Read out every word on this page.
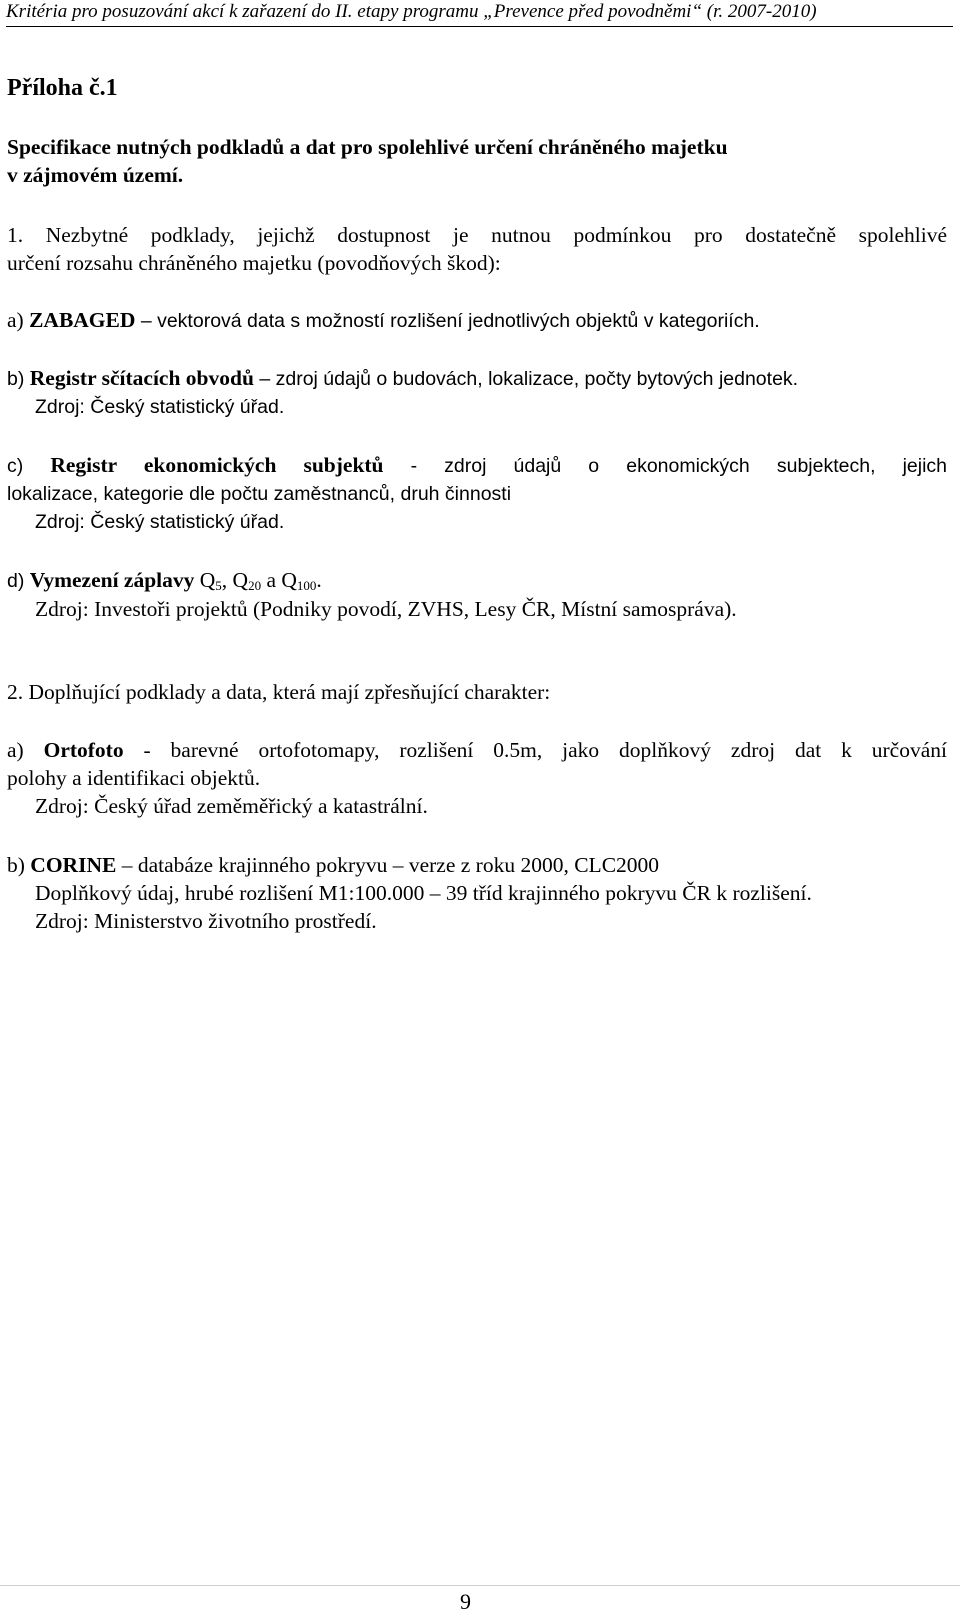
Kritéria pro posuzování akcí k zařazení do II. etapy programu „Prevence před povodněmi“ (r. 2007-2010)
Příloha č.1
Specifikace nutných podkladů a dat pro spolehlivé určení chráněného majetku
v zájmovém území.
1. Nezbytné podklady, jejichž dostupnost je nutnou podmínkou pro dostatečně spolehlivé
určení rozsahu chráněného majetku (povodňových škod):
a) ZABAGED – vektorová data s možností rozlišení jednotlivých objektů v kategoriích.
b) Registr sčítacích obvodů – zdroj údajů o budovách, lokalizace, počty bytových jednotek.
Zdroj: Český statistický úřad.
c) Registr ekonomických subjektů - zdroj údajů o ekonomických subjektech, jejich
lokalizace, kategorie dle počtu zaměstnanců, druh činnosti
Zdroj: Český statistický úřad.
d) Vymezení záplavy $Q_5$, $Q_{20}$ a $Q_{100}$.
Zdroj: Investoři projektů (Podniky povodí, ZVHS, Lesy ČR, Místní samospráva).
2. Doplňující podklady a data, která mají zpřesňující charakter:
a) Ortofoto - barevné ortofotomapy, rozlišení 0.5m, jako doplňkový zdroj dat k určování
polohy a identifikaci objektů.
Zdroj: Český úřad zeměměřický a katastrální.
b) CORINE – databáze krajinného pokryvu – verze z roku 2000, CLC2000
Doplňkový údaj, hrubé rozlišení M1:100.000 – 39 tříd krajinného pokryvu ČR k rozlišení.
Zdroj: Ministerstvo životního prostředí.
9
